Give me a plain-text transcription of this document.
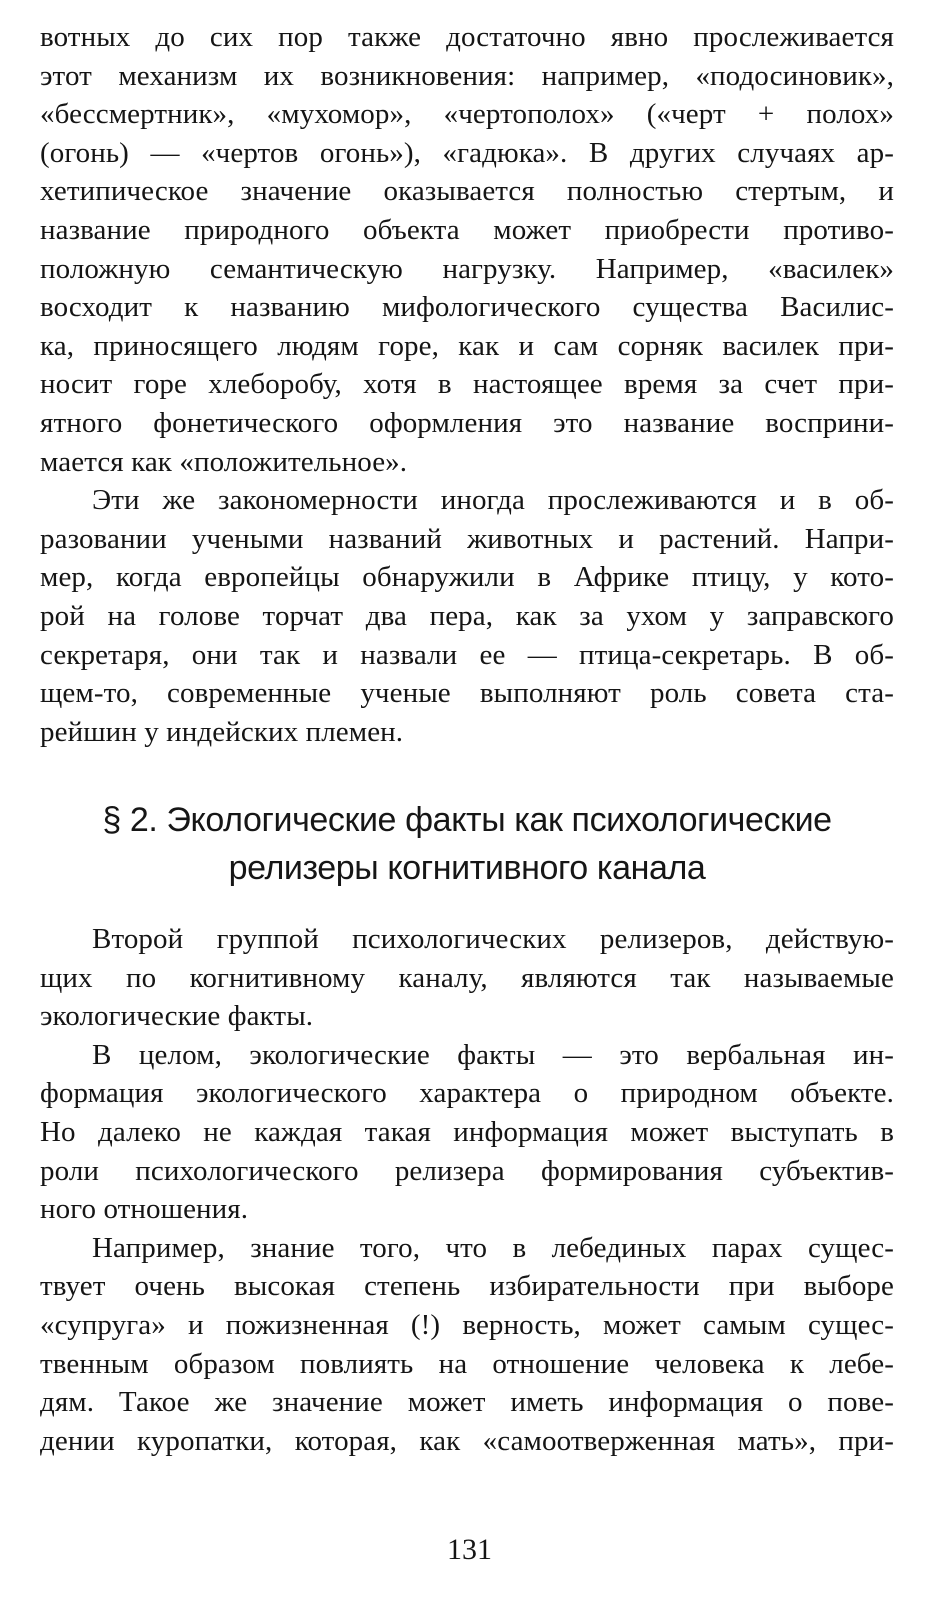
вотных до сих пор также достаточно явно прослеживается
этот механизм их возникновения: например, «подосиновик»,
«бессмертник», «мухомор», «чертополох» («черт + полох»
(огонь) — «чертов огонь»), «гадюка». В других случаях ар-
хетипическое значение оказывается полностью стертым, и
название природного объекта может приобрести противо-
положную семантическую нагрузку. Например, «василек»
восходит к названию мифологического существа Василис-
ка, приносящего людям горе, как и сам сорняк василек при-
носит горе хлеборобу, хотя в настоящее время за счет при-
ятного фонетического оформления это название восприни-
мается как «положительное».
Эти же закономерности иногда прослеживаются и в об-
разовании учеными названий животных и растений. Напри-
мер, когда европейцы обнаружили в Африке птицу, у кото-
рой на голове торчат два пера, как за ухом у заправского
секретаря, они так и назвали ее — птица-секретарь. В об-
щем-то, современные ученые выполняют роль совета ста-
рейшин у индейских племен.
§ 2. Экологические факты как психологические
релизеры когнитивного канала
Второй группой психологических релизеров, действую-
щих по когнитивному каналу, являются так называемые
экологические факты.
В целом, экологические факты — это вербальная ин-
формация экологического характера о природном объекте.
Но далеко не каждая такая информация может выступать в
роли психологического релизера формирования субъектив-
ного отношения.
Например, знание того, что в лебединых парах сущес-
твует очень высокая степень избирательности при выборе
«супруга» и пожизненная (!) верность, может самым сущес-
твенным образом повлиять на отношение человека к лебе-
дям. Такое же значение может иметь информация о пове-
дении куропатки, которая, как «самоотверженная мать», при-
131
